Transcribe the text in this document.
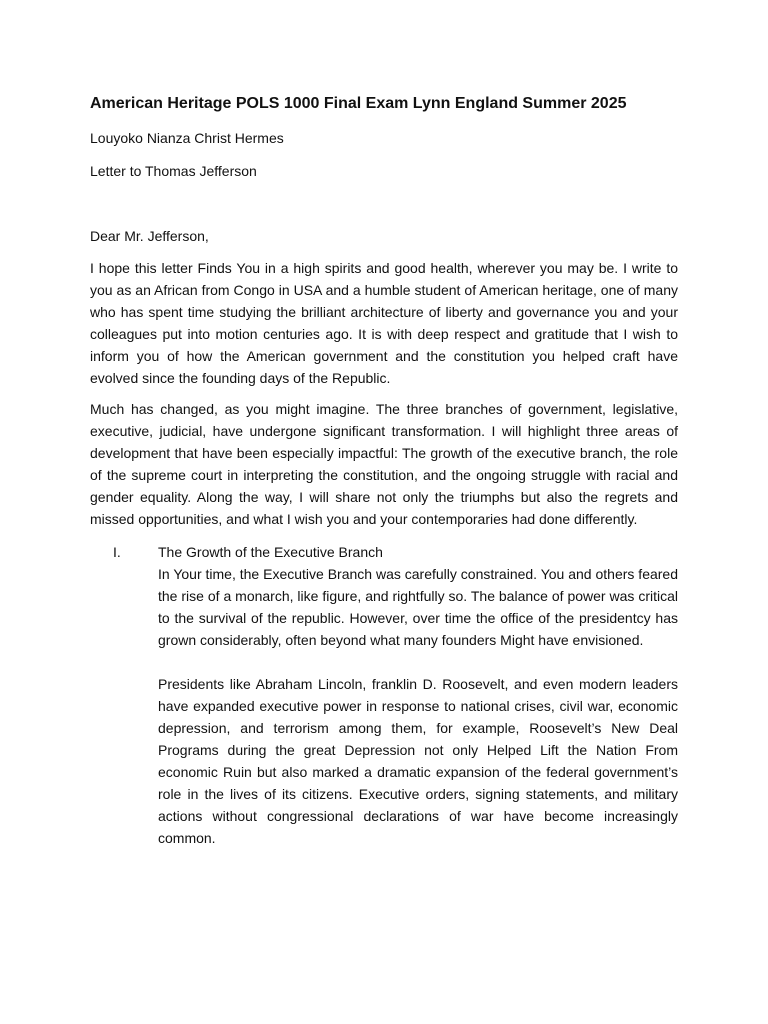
American Heritage POLS 1000 Final Exam Lynn England Summer 2025
Louyoko Nianza Christ Hermes
Letter to Thomas Jefferson
Dear Mr. Jefferson,

I hope this letter Finds You in a high spirits and good health, wherever you may be. I write to you as an African from Congo in USA and a humble student of American heritage, one of many who has spent time studying the brilliant architecture of liberty and governance you and your colleagues put into motion centuries ago. It is with deep respect and gratitude that I wish to inform you of how the American government and the constitution you helped craft have evolved since the founding days of the Republic.

Much has changed, as you might imagine. The three branches of government, legislative, executive, judicial, have undergone significant transformation. I will highlight three areas of development that have been especially impactful: The growth of the executive branch, the role of the supreme court in interpreting the constitution, and the ongoing struggle with racial and gender equality. Along the way, I will share not only the triumphs but also the regrets and missed opportunities, and what I wish you and your contemporaries had done differently.

I.	The Growth of the Executive Branch

In Your time, the Executive Branch was carefully constrained. You and others feared the rise of a monarch, like figure, and rightfully so. The balance of power was critical to the survival of the republic. However, over time the office of the presidentcy has grown considerably, often beyond what many founders Might have envisioned.

Presidents like Abraham Lincoln, franklin D. Roosevelt, and even modern leaders have expanded executive power in response to national crises, civil war, economic depression, and terrorism among them, for example, Roosevelt’s New Deal Programs during the great Depression not only Helped Lift the Nation From economic Ruin but also marked a dramatic expansion of the federal government’s role in the lives of its citizens. Executive orders, signing statements, and military actions without congressional declarations of war have become increasingly common.
